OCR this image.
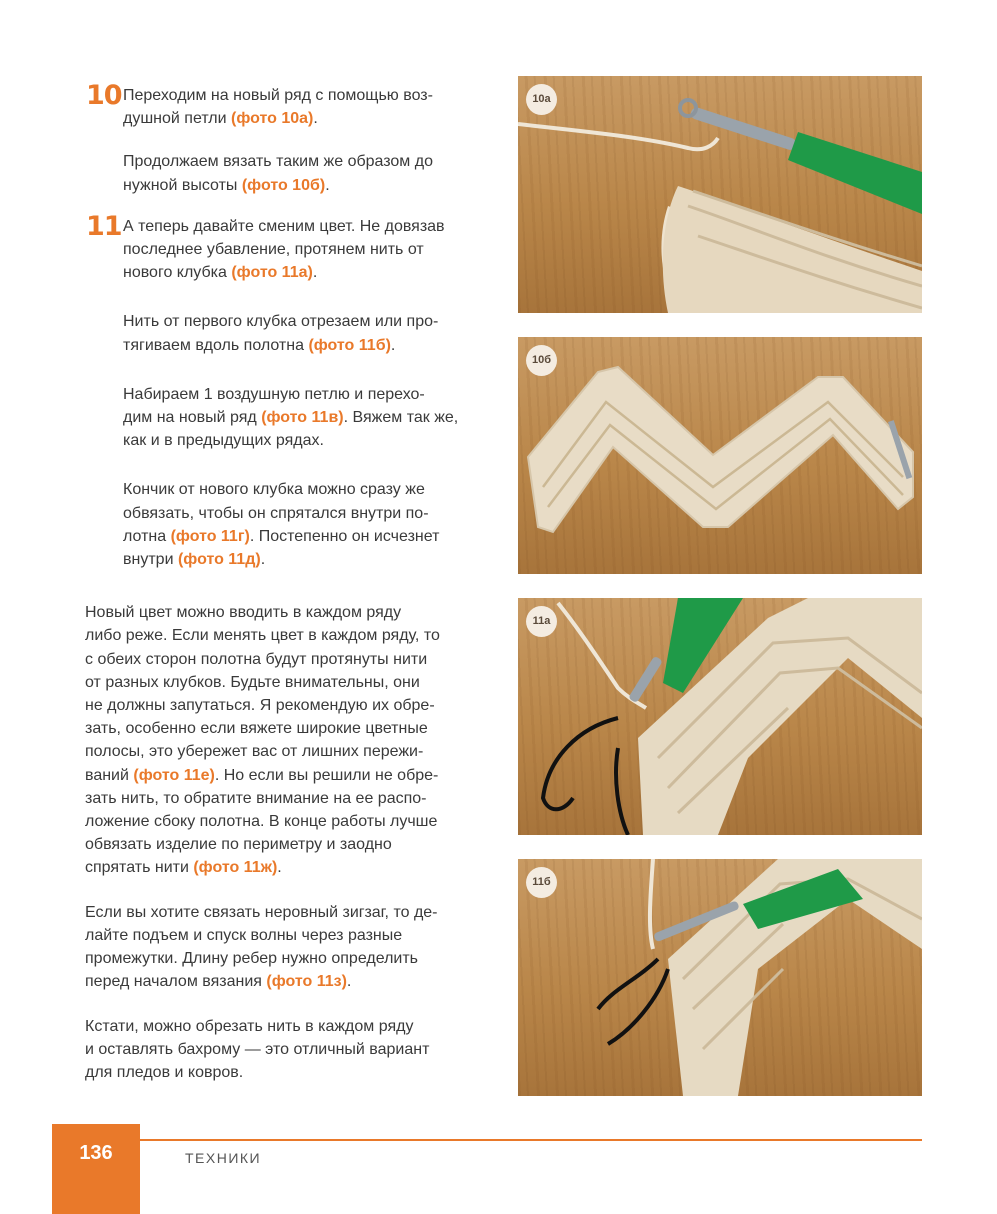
10 Переходим на новый ряд с помощью воз-
душной петли (фото 10а).

Продолжаем вязать таким же образом до
нужной высоты (фото 10б).

11 А теперь давайте сменим цвет. Не довязав
последнее убавление, протянем нить от
нового клубка (фото 11а).

Нить от первого клубка отрезаем или про-
тягиваем вдоль полотна (фото 11б).

Набираем 1 воздушную петлю и перехо-
дим на новый ряд (фото 11в). Вяжем так же,
как и в предыдущих рядах.

Кончик от нового клубка можно сразу же
обвязать, чтобы он спрятался внутри по-
лотна (фото 11г). Постепенно он исчезнет
внутри (фото 11д).

Новый цвет можно вводить в каждом ряду
либо реже. Если менять цвет в каждом ряду, то
с обеих сторон полотна будут протянуты нити
от разных клубков. Будьте внимательны, они
не должны запутаться. Я рекомендую их обре-
зать, особенно если вяжете широкие цветные
полосы, это убережет вас от лишних пережи-
ваний (фото 11е). Но если вы решили не обре-
зать нить, то обратите внимание на ее распо-
ложение сбоку полотна. В конце работы лучше
обвязать изделие по периметру и заодно
спрятать нити (фото 11ж).

Если вы хотите связать неровный зигзаг, то де-
лайте подъем и спуск волны через разные
промежутки. Длину ребер нужно определить
перед началом вязания (фото 11з).

Кстати, можно обрезать нить в каждом ряду
и оставлять бахрому — это отличный вариант
для пледов и ковров.

10а
10б
11а
11б
136	ТЕХНИКИ
